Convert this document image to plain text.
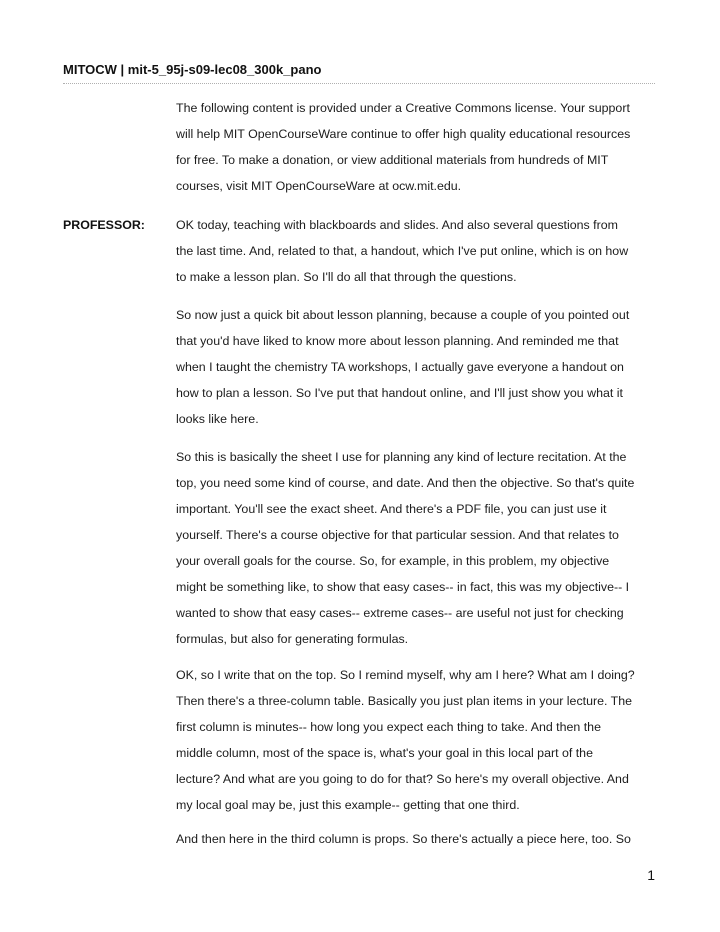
MITOCW | mit-5_95j-s09-lec08_300k_pano
The following content is provided under a Creative Commons license. Your support
will help MIT OpenCourseWare continue to offer high quality educational resources
for free. To make a donation, or view additional materials from hundreds of MIT
courses, visit MIT OpenCourseWare at ocw.mit.edu.
PROFESSOR:	OK today, teaching with blackboards and slides. And also several questions from
the last time. And, related to that, a handout, which I've put online, which is on how
to make a lesson plan. So I'll do all that through the questions.
So now just a quick bit about lesson planning, because a couple of you pointed out
that you'd have liked to know more about lesson planning. And reminded me that
when I taught the chemistry TA workshops, I actually gave everyone a handout on
how to plan a lesson. So I've put that handout online, and I'll just show you what it
looks like here.
So this is basically the sheet I use for planning any kind of lecture recitation. At the
top, you need some kind of course, and date. And then the objective. So that's quite
important. You'll see the exact sheet. And there's a PDF file, you can just use it
yourself. There's a course objective for that particular session. And that relates to
your overall goals for the course. So, for example, in this problem, my objective
might be something like, to show that easy cases-- in fact, this was my objective-- I
wanted to show that easy cases-- extreme cases-- are useful not just for checking
formulas, but also for generating formulas.
OK, so I write that on the top. So I remind myself, why am I here? What am I doing?
Then there's a three-column table. Basically you just plan items in your lecture. The
first column is minutes-- how long you expect each thing to take. And then the
middle column, most of the space is, what's your goal in this local part of the
lecture? And what are you going to do for that? So here's my overall objective. And
my local goal may be, just this example-- getting that one third.
And then here in the third column is props. So there's actually a piece here, too. So
1
